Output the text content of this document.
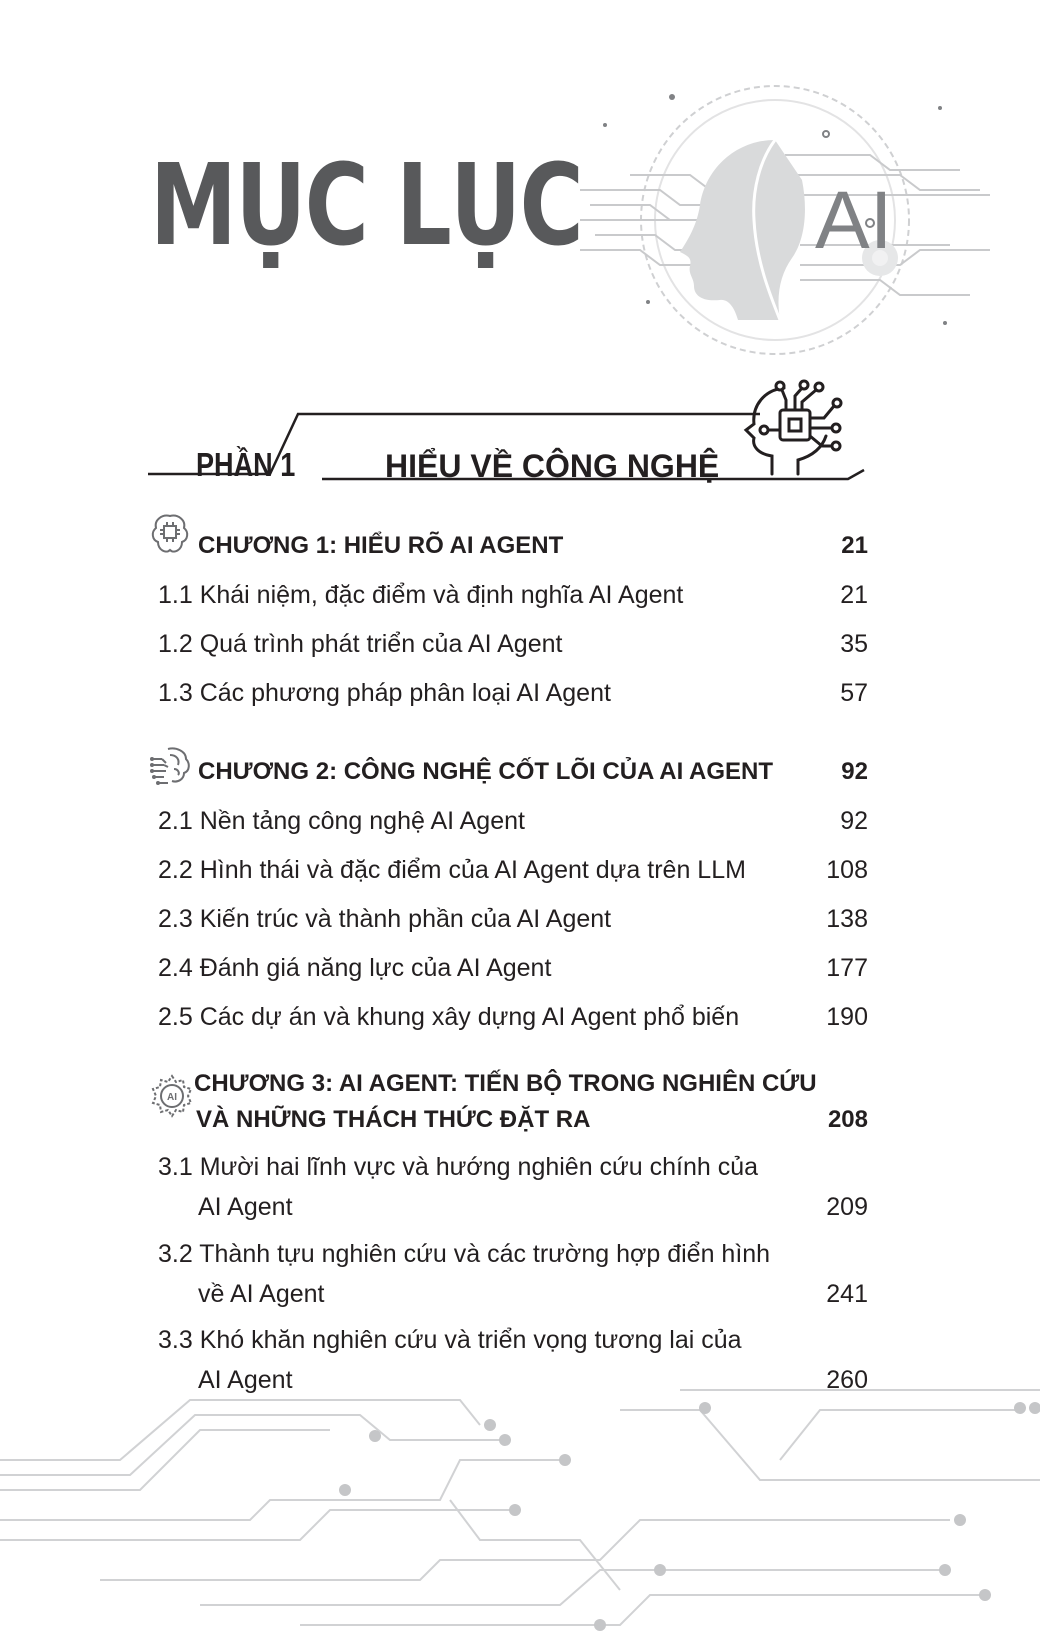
MỤC LỤC	AI
PHẦN 1	HIỂU VỀ CÔNG NGHỆ
CHƯƠNG 1: HIỂU RÕ AI AGENT	21
1.1 Khái niệm, đặc điểm và định nghĩa AI Agent	21
1.2 Quá trình phát triển của AI Agent	35
1.3 Các phương pháp phân loại AI Agent	57
CHƯƠNG 2: CÔNG NGHỆ CỐT LÕI CỦA AI AGENT	92
2.1 Nền tảng công nghệ AI Agent	92
2.2 Hình thái và đặc điểm của AI Agent dựa trên LLM	108
2.3 Kiến trúc và thành phần của AI Agent	138
2.4 Đánh giá năng lực của AI Agent	177
2.5 Các dự án và khung xây dựng AI Agent phổ biến	190
AI
CHƯƠNG 3: AI AGENT: TIẾN BỘ TRONG NGHIÊN CỨU
VÀ NHỮNG THÁCH THỨC ĐẶT RA	208
3.1 Mười hai lĩnh vực và hướng nghiên cứu chính của
AI Agent	209
3.2 Thành tựu nghiên cứu và các trường hợp điển hình
về AI Agent	241
3.3 Khó khăn nghiên cứu và triển vọng tương lai của
AI Agent	260
